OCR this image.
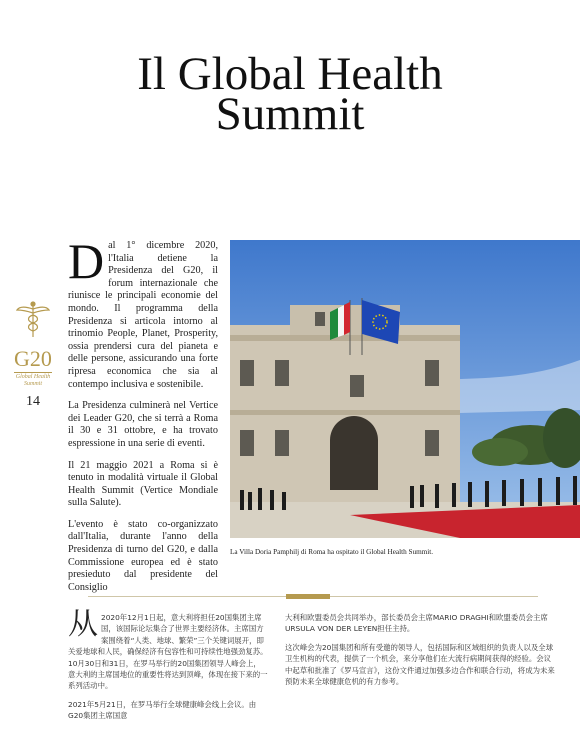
Il Global Health
Summit
G20
Global Health Summit
14

Dal 1° dicembre 2020, l'Italia detiene la Presidenza del G20, il forum internazionale che riunisce le principali economie del mondo. Il programma della Presidenza si articola intorno al trinomio People, Planet, Prosperity, ossia prendersi cura del pianeta e delle persone, assicurando una forte ripresa economica che sia al contempo inclusiva e sostenibile.

La Presidenza culminerà nel Vertice dei Leader G20, che si terrà a Roma il 30 e 31 ottobre, e ha trovato espressione in una serie di eventi.

Il 21 maggio 2021 a Roma si è tenuto in modalità virtuale il Global Health Summit (Vertice Mondiale sulla Salute).

L'evento è stato co-organizzato dall'Italia, durante l'anno della Presidenza di turno del G20, e dalla Commissione europea ed è stato presieduto dal presidente del Consiglio

La Villa Doria Pamphilj di Roma ha ospitato il Global Health Summit.

从 2020年12月1日起，意大利将担任20国集团主席国，该国际论坛集合了世界主要经济体。主席国方案围绕着“人类、地球、繁荣”三个关键词展开，即关爱地球和人民，确保经济有包容性和可持续性地强劲复苏。10月30日和31日，在罗马举行的20国集团领导人峰会上，意大利的主席国地位的重要性将达到顶峰，体现在接下来的一系列活动中。

2021年5月21日，在罗马举行全球健康峰会线上会议。由G20集团主席国意

大利和欧盟委员会共同举办，部长委员会主席MARIO DRAGHI和欧盟委员会主席URSULA VON DER LEYEN担任主持。

这次峰会为20国集团和所有受邀的领导人，包括国际和区域组织的负责人以及全球卫生机构的代表，提供了一个机会，来分享他们在大流行病期间获得的经验。会议中起草和批准了《罗马宣言》，这份文件通过加强多边合作和联合行动，将成为未来预防未来全球健康危机的有力参考。
